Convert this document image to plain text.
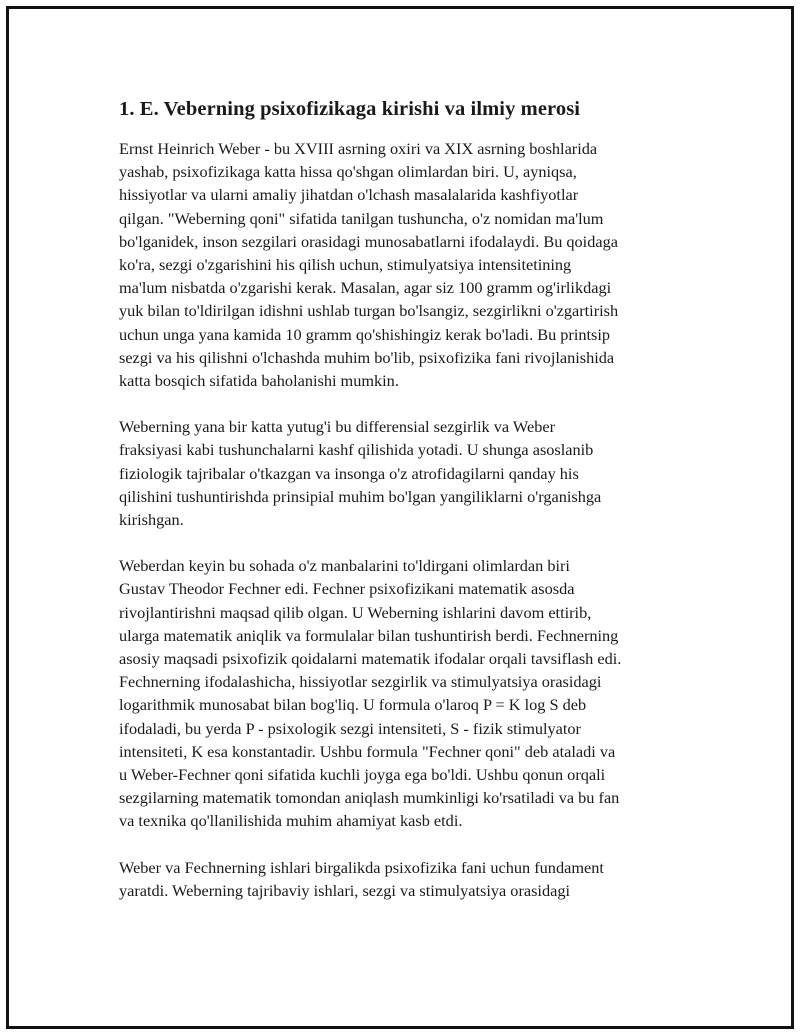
1. E. Veberning psixofizikaga kirishi va ilmiy merosi

Ernst Heinrich Weber - bu XVIII asrning oxiri va XIX asrning boshlarida
yashab, psixofizikaga katta hissa qo'shgan olimlardan biri. U, ayniqsa,
hissiyotlar va ularni amaliy jihatdan o'lchash masalalarida kashfiyotlar
qilgan. "Weberning qoni" sifatida tanilgan tushuncha, o'z nomidan ma'lum
bo'lganidek, inson sezgilari orasidagi munosabatlarni ifodalaydi. Bu qoidaga
ko'ra, sezgi o'zgarishini his qilish uchun, stimulyatsiya intensitetining
ma'lum nisbatda o'zgarishi kerak. Masalan, agar siz 100 gramm og'irlikdagi
yuk bilan to'ldirilgan idishni ushlab turgan bo'lsangiz, sezgirlikni o'zgartirish
uchun unga yana kamida 10 gramm qo'shishingiz kerak bo'ladi. Bu printsip
sezgi va his qilishni o'lchashda muhim bo'lib, psixofizika fani rivojlanishida
katta bosqich sifatida baholanishi mumkin.

Weberning yana bir katta yutug'i bu differensial sezgirlik va Weber
fraksiyasi kabi tushunchalarni kashf qilishida yotadi. U shunga asoslanib
fiziologik tajribalar o'tkazgan va insonga o'z atrofidagilarni qanday his
qilishini tushuntirishda prinsipial muhim bo'lgan yangiliklarni o'rganishga
kirishgan.

Weberdan keyin bu sohada o'z manbalarini to'ldirgani olimlardan biri
Gustav Theodor Fechner edi. Fechner psixofizikani matematik asosda
rivojlantirishni maqsad qilib olgan. U Weberning ishlarini davom ettirib,
ularga matematik aniqlik va formulalar bilan tushuntirish berdi. Fechnerning
asosiy maqsadi psixofizik qoidalarni matematik ifodalar orqali tavsiflash edi.
Fechnerning ifodalashicha, hissiyotlar sezgirlik va stimulyatsiya orasidagi
logarithmik munosabat bilan bog'liq. U formula o'laroq P = K log S deb
ifodaladi, bu yerda P - psixologik sezgi intensiteti, S - fizik stimulyator
intensiteti, K esa konstantadir. Ushbu formula "Fechner qoni" deb ataladi va
u Weber-Fechner qoni sifatida kuchli joyga ega bo'ldi. Ushbu qonun orqali
sezgilarning matematik tomondan aniqlash mumkinligi ko'rsatiladi va bu fan
va texnika qo'llanilishida muhim ahamiyat kasb etdi.

Weber va Fechnerning ishlari birgalikda psixofizika fani uchun fundament
yaratdi. Weberning tajribaviy ishlari, sezgi va stimulyatsiya orasidagi
